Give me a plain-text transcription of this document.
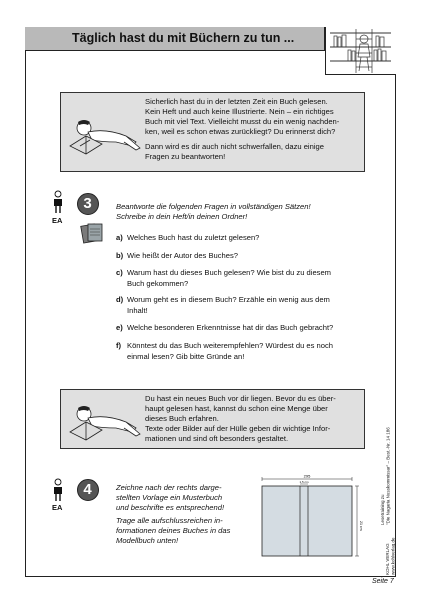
Täglich hast du mit Büchern zu tun ...
Sicherlich hast du in der letzten Zeit ein Buch gelesen.
Kein Heft und auch keine Illustrierte. Nein – ein richtiges
Buch mit viel Text. Vielleicht musst du ein wenig nachden-
ken, weil es schon etwas zurückliegt? Du erinnerst dich?
Dann wird es dir auch nicht schwerfallen, dazu einige
Fragen zu beantworten!
EA
3	Beantworte die folgenden Fragen in vollständigen Sätzen!
Schreibe in dein Heft/in deinen Ordner!
a) Welches Buch hast du zuletzt gelesen?
b) Wie heißt der Autor des Buches?
c) Warum hast du dieses Buch gelesen? Wie bist du zu diesem
Buch gekommen?
d) Worum geht es in diesem Buch? Erzähle ein wenig aus dem
Inhalt!
e) Welche besonderen Erkenntnisse hat dir das Buch gebracht?
f) Könntest du das Buch weiterempfehlen? Würdest du es noch
einmal lesen? Gib bitte Gründe an!
Du hast ein neues Buch vor dir liegen. Bevor du es über-
haupt gelesen hast, kannst du schon eine Menge über
dieses Buch erfahren.
Texte oder Bilder auf der Hülle geben dir wichtige Infor-
mationen und sind oft besonders gestaltet.
EA
4	Zeichne nach der rechts darge-
stellten Vorlage ein Musterbuch
und beschrifte es entsprechend!
Trage alle aufschlussreichen in-
formationen deines Buches in das
Modellbuch unten!
295
1,5 cm
21 cm
Lesetraining zu
"Die Nagaria Nusskommissar" – Best.-Nr. 14 186
KOHL VERLAG
www.kohlverlag.de
Seite 7
